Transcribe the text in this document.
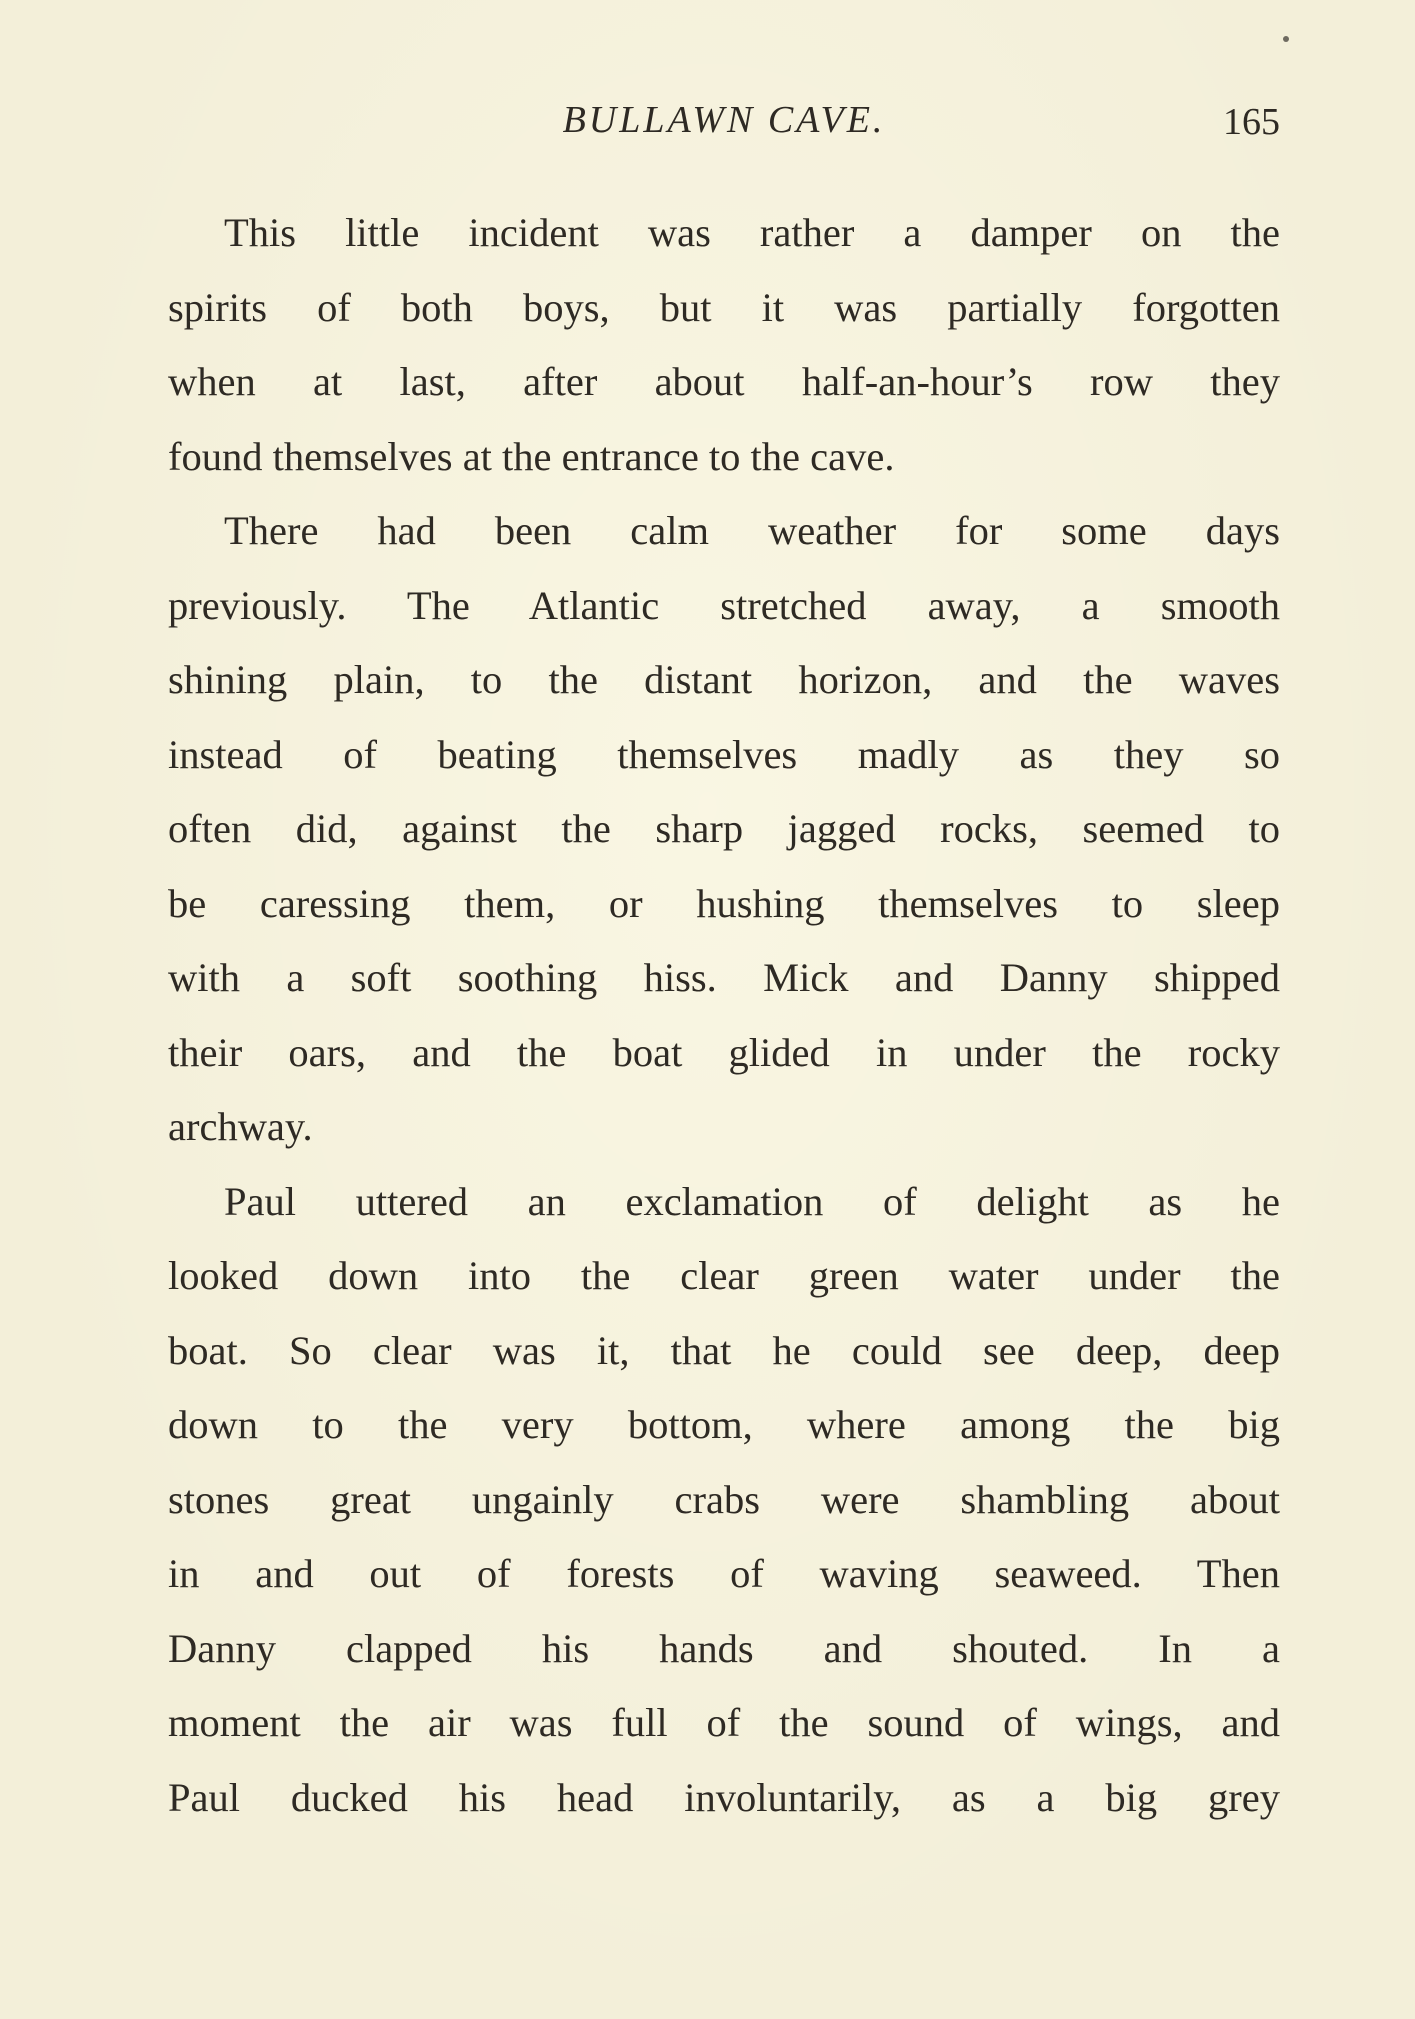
BULLAWN CAVE.	165
This little incident was rather a damper on the
spirits of both boys, but it was partially forgotten
when at last, after about half-an-hour’s row they
found themselves at the entrance to the cave.
There had been calm weather for some days
previously. The Atlantic stretched away, a smooth
shining plain, to the distant horizon, and the waves
instead of beating themselves madly as they so
often did, against the sharp jagged rocks, seemed to
be caressing them, or hushing themselves to sleep
with a soft soothing hiss. Mick and Danny shipped
their oars, and the boat glided in under the rocky
archway.
Paul uttered an exclamation of delight as he
looked down into the clear green water under the
boat. So clear was it, that he could see deep, deep
down to the very bottom, where among the big
stones great ungainly crabs were shambling about
in and out of forests of waving seaweed. Then
Danny clapped his hands and shouted. In a
moment the air was full of the sound of wings, and
Paul ducked his head involuntarily, as a big grey
